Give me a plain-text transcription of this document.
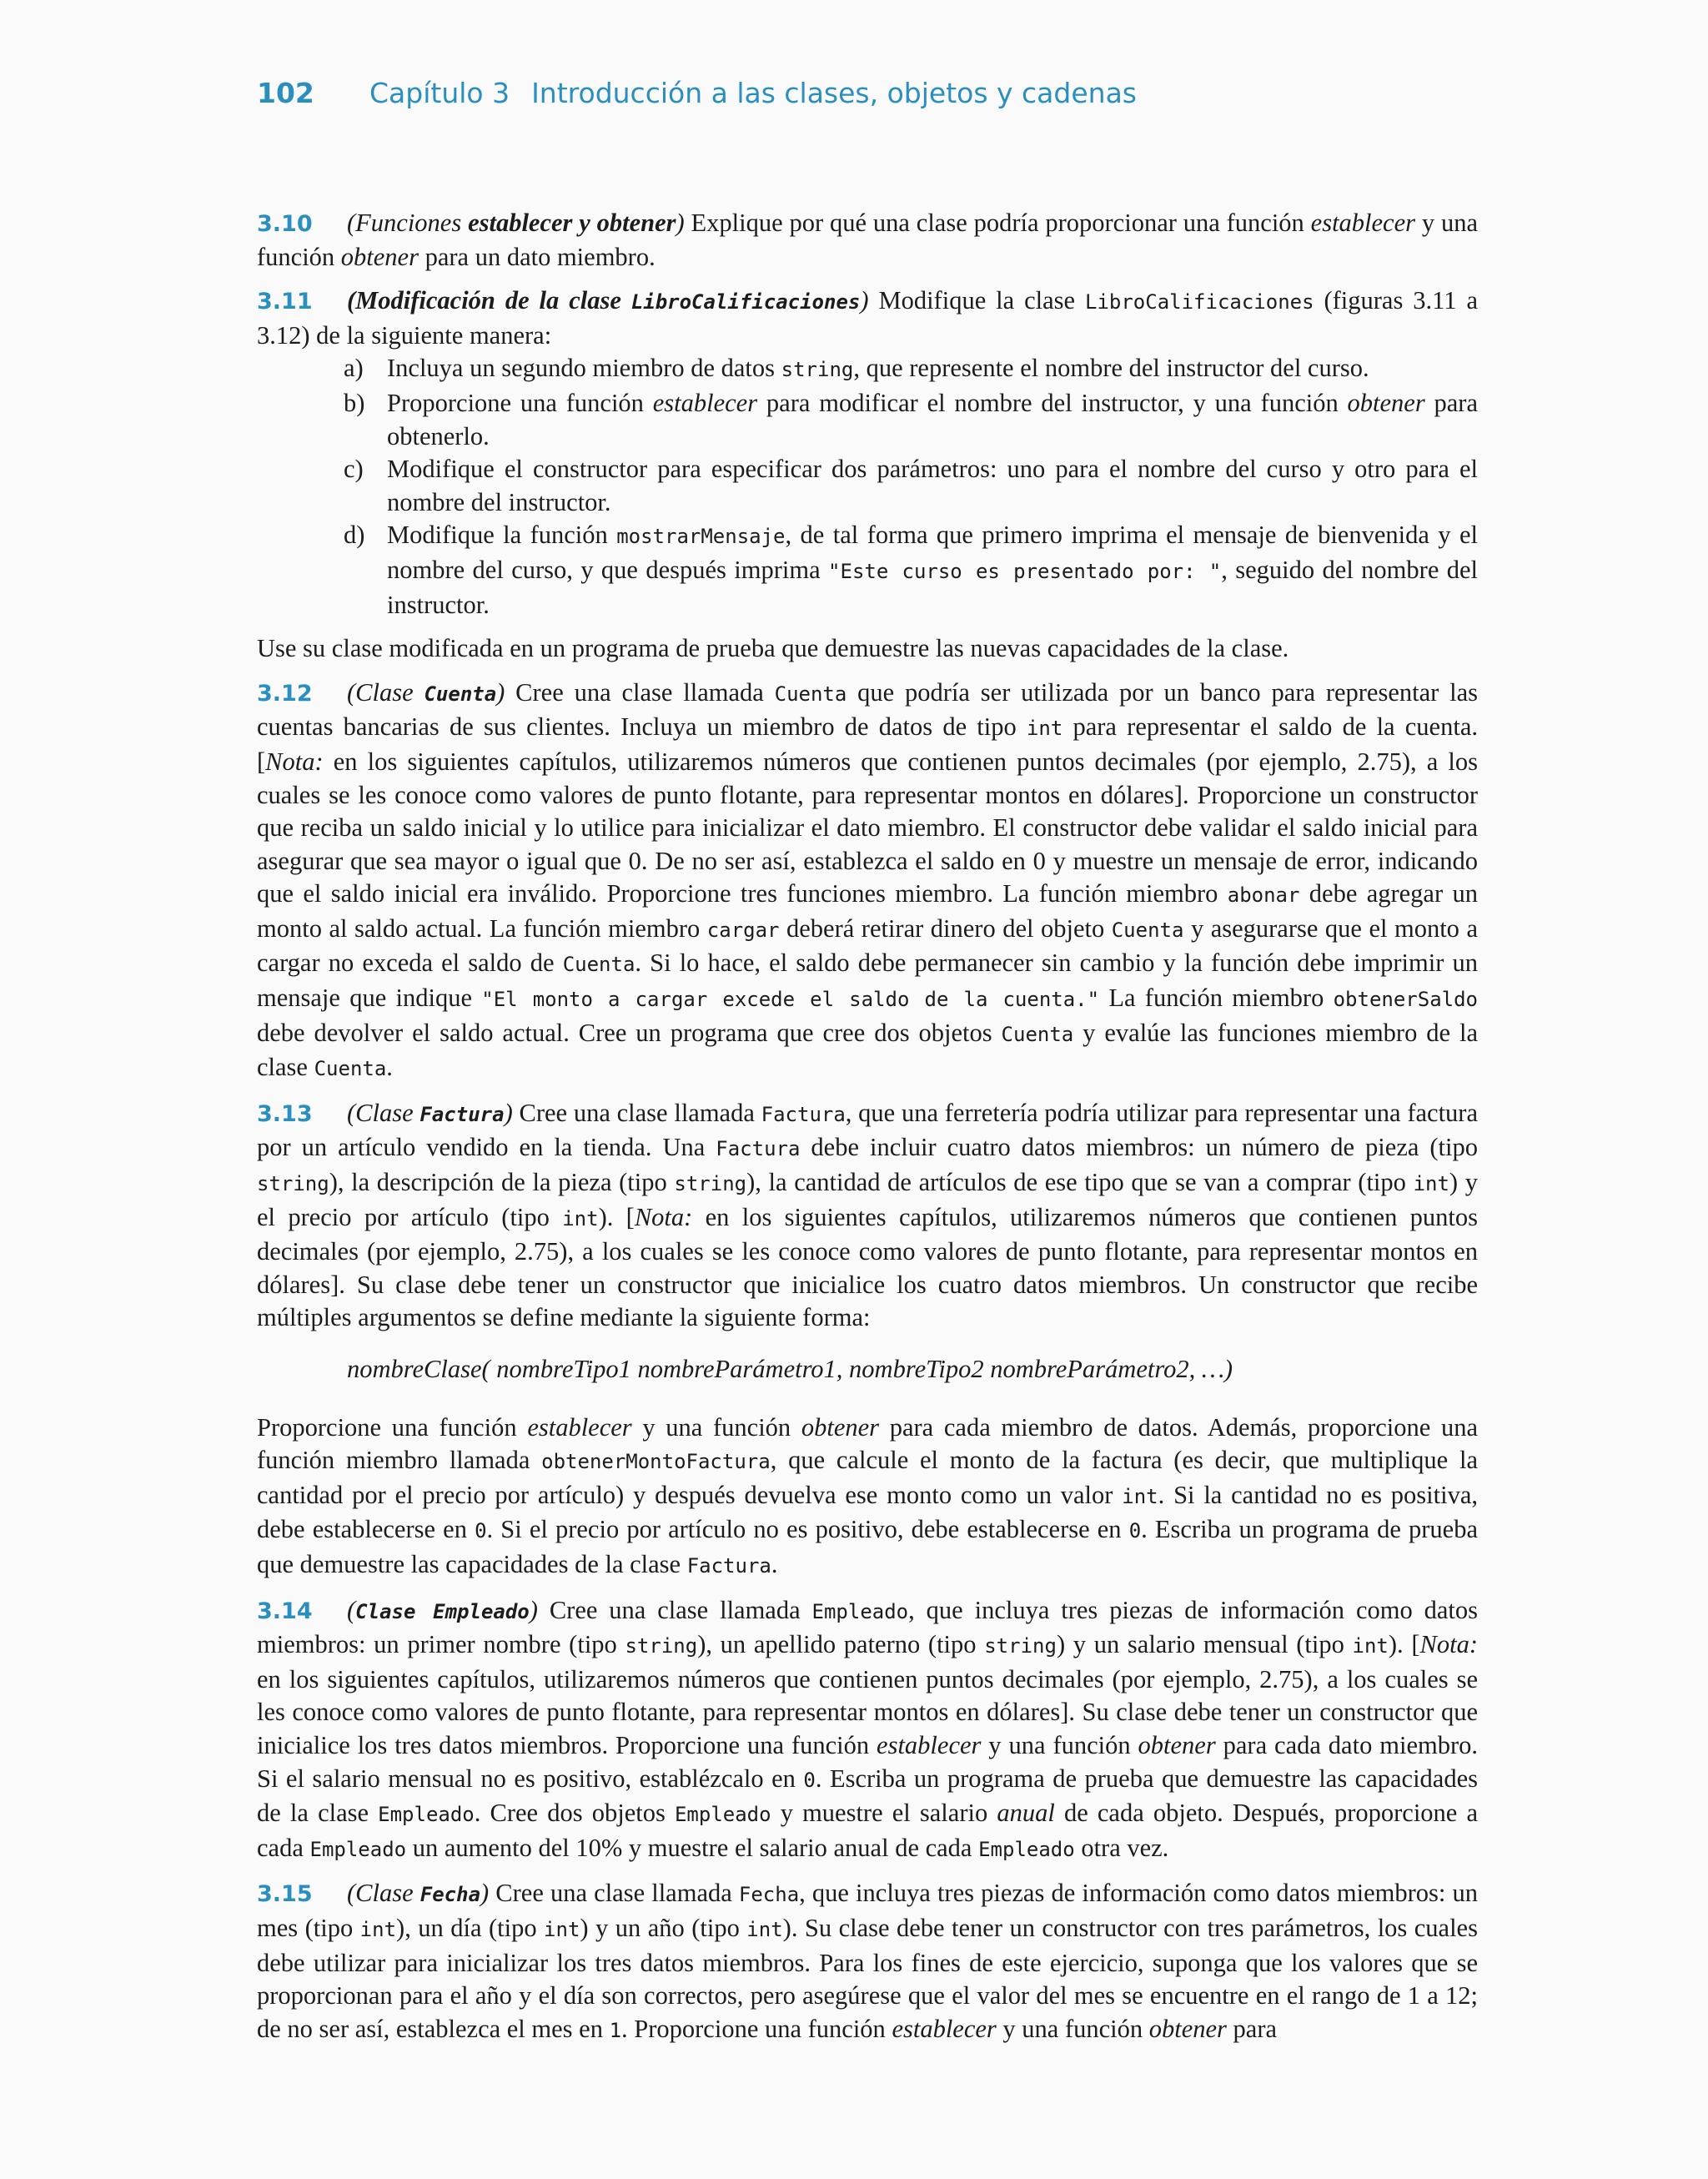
102 Capítulo 3 Introducción a las clases, objetos y cadenas
3.10 (Funciones establecer y obtener) Explique por qué una clase podría proporcionar una función establecer y una función obtener para un dato miembro.
3.11 (Modificación de la clase LibroCalificaciones) Modifique la clase LibroCalificaciones (figuras 3.11 a 3.12) de la siguiente manera:
a) Incluya un segundo miembro de datos string, que represente el nombre del instructor del curso.
b) Proporcione una función establecer para modificar el nombre del instructor, y una función obtener para obtenerlo.
c) Modifique el constructor para especificar dos parámetros: uno para el nombre del curso y otro para el nombre del instructor.
d) Modifique la función mostrarMensaje, de tal forma que primero imprima el mensaje de bienvenida y el nombre del curso, y que después imprima "Este curso es presentado por: ", seguido del nombre del instructor.
Use su clase modificada en un programa de prueba que demuestre las nuevas capacidades de la clase.
3.12 (Clase Cuenta) Cree una clase llamada Cuenta que podría ser utilizada por un banco para representar las cuentas bancarias de sus clientes. Incluya un miembro de datos de tipo int para representar el saldo de la cuenta. [Nota: en los siguientes capítulos, utilizaremos números que contienen puntos decimales (por ejemplo, 2.75), a los cuales se les conoce como valores de punto flotante, para representar montos en dólares]. Proporcione un constructor que reciba un saldo inicial y lo utilice para inicializar el dato miembro. El constructor debe validar el saldo inicial para asegurar que sea mayor o igual que 0. De no ser así, establezca el saldo en 0 y muestre un mensaje de error, indicando que el saldo inicial era inválido. Proporcione tres funciones miembro. La función miembro abonar debe agregar un monto al saldo actual. La función miembro cargar deberá retirar dinero del objeto Cuenta y asegurarse que el monto a cargar no exceda el saldo de Cuenta. Si lo hace, el saldo debe permanecer sin cambio y la función debe imprimir un mensaje que indique "El monto a cargar excede el saldo de la cuenta." La función miembro obtenerSaldo debe devolver el saldo actual. Cree un programa que cree dos objetos Cuenta y evalúe las funciones miembro de la clase Cuenta.
3.13 (Clase Factura) Cree una clase llamada Factura, que una ferretería podría utilizar para representar una factura por un artículo vendido en la tienda. Una Factura debe incluir cuatro datos miembros: un número de pieza (tipo string), la descripción de la pieza (tipo string), la cantidad de artículos de ese tipo que se van a comprar (tipo int) y el precio por artículo (tipo int). [Nota: en los siguientes capítulos, utilizaremos números que contienen puntos decimales (por ejemplo, 2.75), a los cuales se les conoce como valores de punto flotante, para representar montos en dólares]. Su clase debe tener un constructor que inicialice los cuatro datos miembros. Un constructor que recibe múltiples argumentos se define mediante la siguiente forma:
nombreClase( nombreTipo1 nombreParámetro1, nombreTipo2 nombreParámetro2, …)
Proporcione una función establecer y una función obtener para cada miembro de datos. Además, proporcione una función miembro llamada obtenerMontoFactura, que calcule el monto de la factura (es decir, que multiplique la cantidad por el precio por artículo) y después devuelva ese monto como un valor int. Si la cantidad no es positiva, debe establecerse en 0. Si el precio por artículo no es positivo, debe establecerse en 0. Escriba un programa de prueba que demuestre las capacidades de la clase Factura.
3.14 (Clase Empleado) Cree una clase llamada Empleado, que incluya tres piezas de información como datos miembros: un primer nombre (tipo string), un apellido paterno (tipo string) y un salario mensual (tipo int). [Nota: en los siguientes capítulos, utilizaremos números que contienen puntos decimales (por ejemplo, 2.75), a los cuales se les conoce como valores de punto flotante, para representar montos en dólares]. Su clase debe tener un constructor que inicialice los tres datos miembros. Proporcione una función establecer y una función obtener para cada dato miembro. Si el salario mensual no es positivo, establézcalo en 0. Escriba un programa de prueba que demuestre las capacidades de la clase Empleado. Cree dos objetos Empleado y muestre el salario anual de cada objeto. Después, proporcione a cada Empleado un aumento del 10% y muestre el salario anual de cada Empleado otra vez.
3.15 (Clase Fecha) Cree una clase llamada Fecha, que incluya tres piezas de información como datos miembros: un mes (tipo int), un día (tipo int) y un año (tipo int). Su clase debe tener un constructor con tres parámetros, los cuales debe utilizar para inicializar los tres datos miembros. Para los fines de este ejercicio, suponga que los valores que se proporcionan para el año y el día son correctos, pero asegúrese que el valor del mes se encuentre en el rango de 1 a 12; de no ser así, establezca el mes en 1. Proporcione una función establecer y una función obtener para
